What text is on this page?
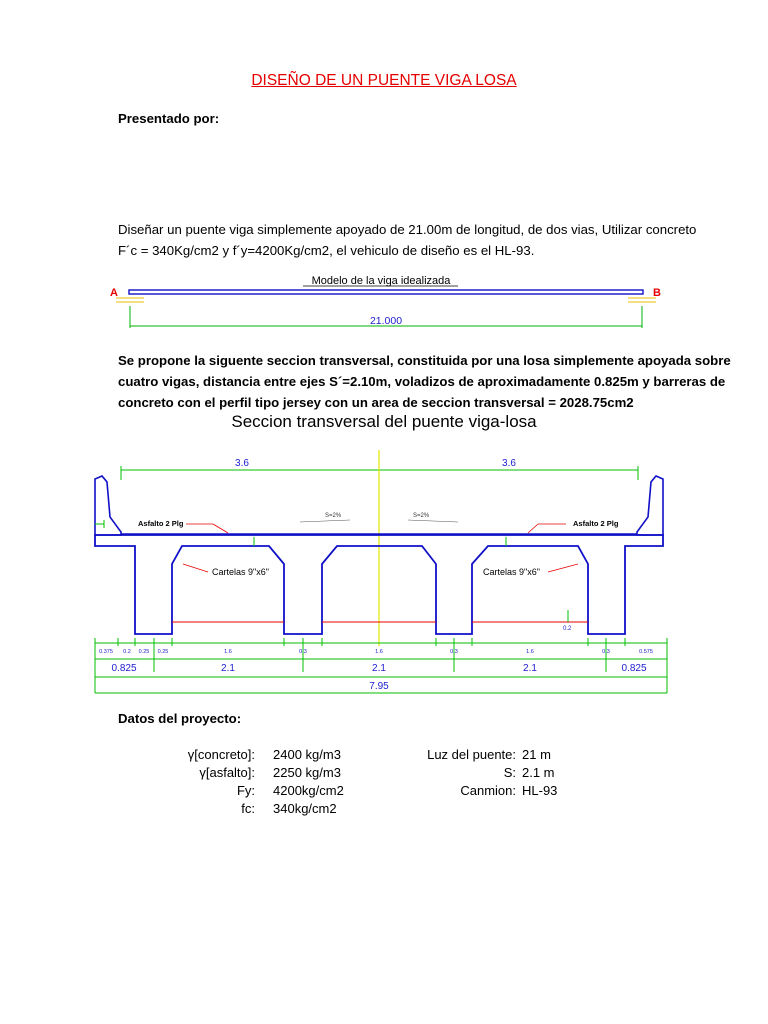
DISEÑO DE UN PUENTE VIGA LOSA
Presentado por:
Diseñar un puente viga simplemente apoyado de 21.00m de longitud, de dos vias, Utilizar concreto
F´c = 340Kg/cm2 y f´y=4200Kg/cm2, el vehiculo de diseño es el HL-93.
Modelo de la viga idealizada
A	B
21.000
Se propone la siguente seccion transversal, constituida por una losa simplemente apoyada sobre
cuatro vigas, distancia entre ejes S´=2.10m, voladizos de aproximadamente 0.825m y barreras de
concreto con el perfil tipo jersey con un area de seccion transversal = 2028.75cm2
Seccion transversal del puente viga-losa
3.6	3.6
Asfalto 2 Plg	Asfalto 2 Plg
S=2%	S=2%
Cartelas 9"x6"	Cartelas 9"x6"
0.2
0.375 0.2 0.25 0.25	1.6	0.3	1.6	0.3	1.6	0.3	0.575
0.825	2.1	2.1	2.1	0.825
7.95
Datos del proyecto:
γ[concreto]: 2400 kg/m3
γ[asfalto]: 2250 kg/m3
Fy: 4200kg/cm2
fc: 340kg/cm2
Luz del puente: 21 m
S: 2.1 m
Canmion: HL-93
